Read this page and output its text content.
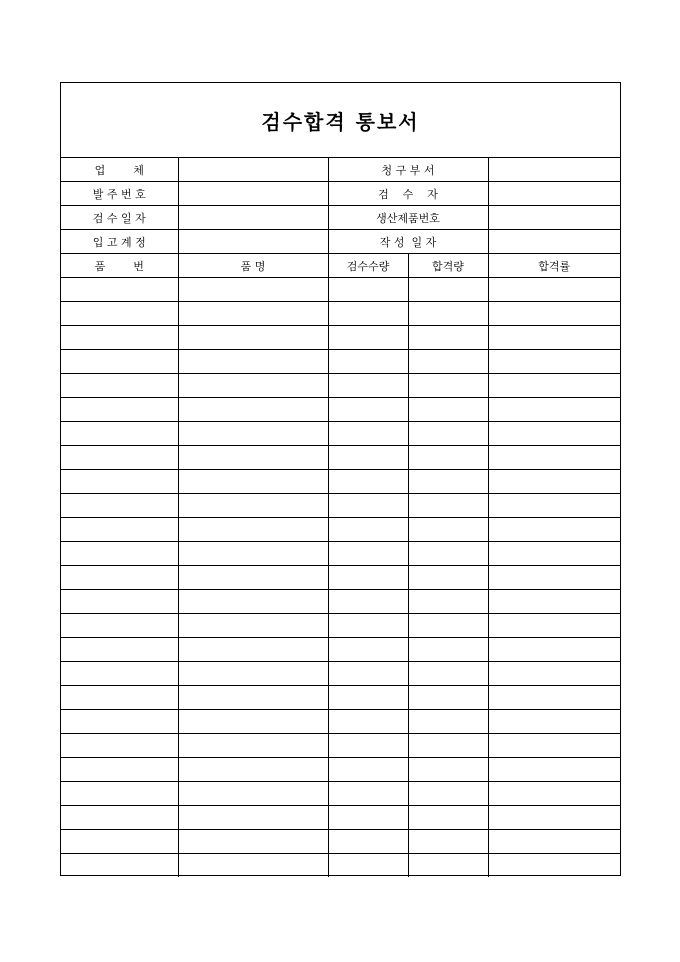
검수합격 통보서
업        체		청 구 부 서		
발 주 번 호		검    수    자		
검 수 일 자		생산제품번호		
입 고 계 정		작 성  일 자		
품        번	품 명	검수수량	합격량	합격률
